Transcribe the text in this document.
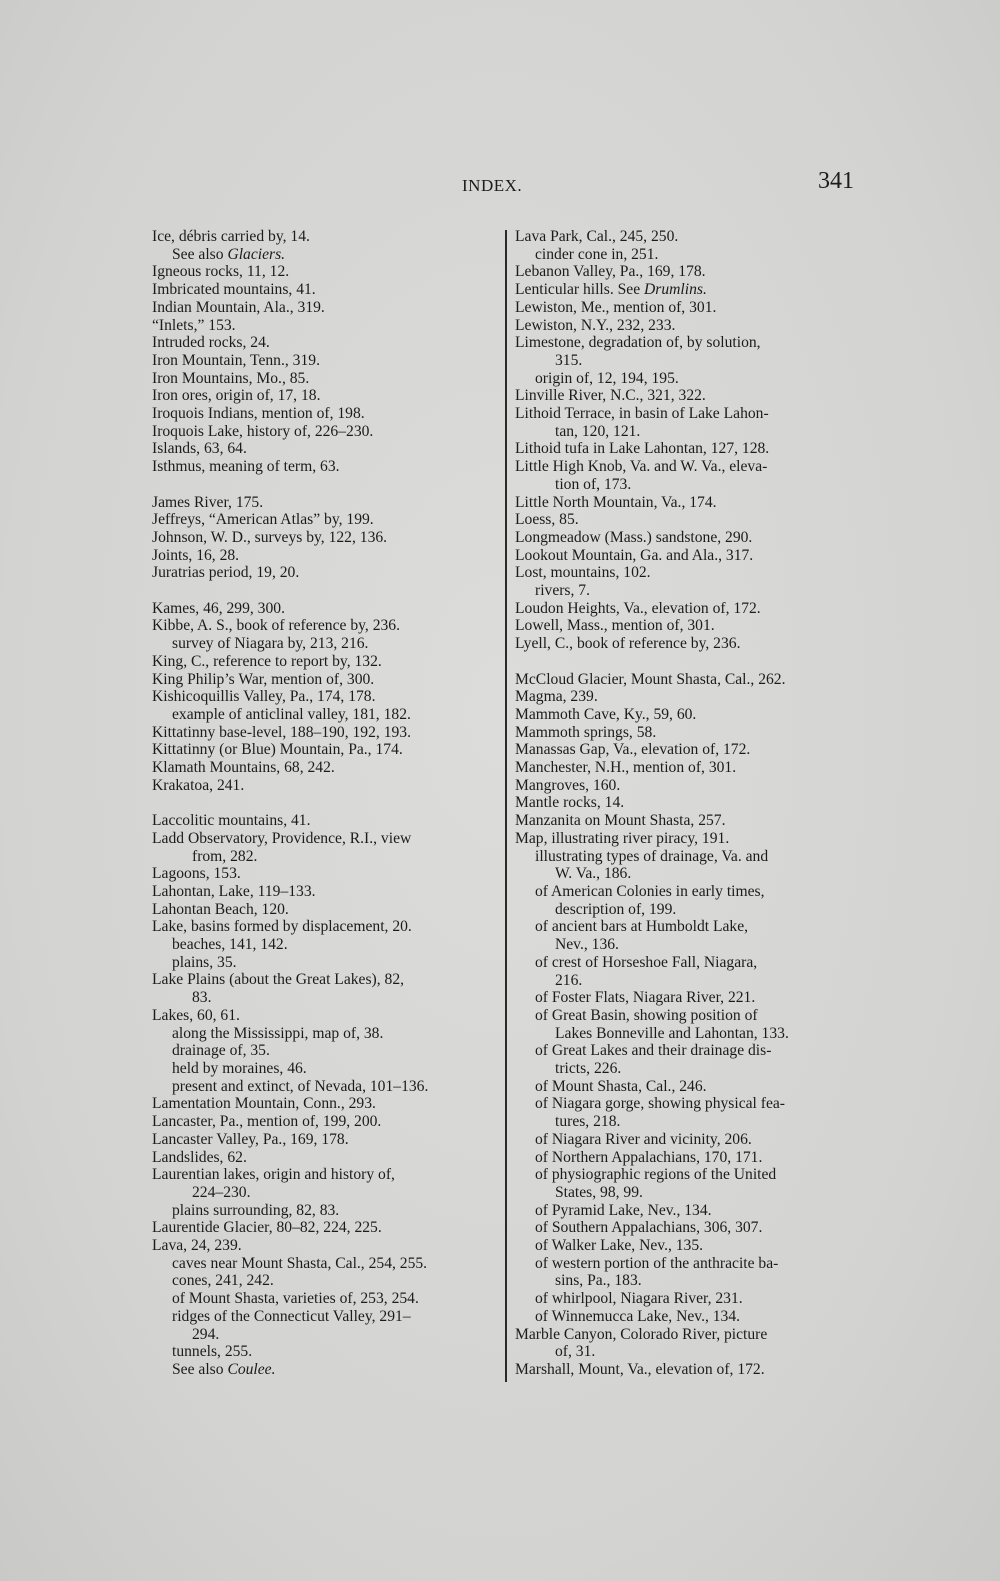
INDEX.	341
Ice, débris carried by, 14.
See also Glaciers.
Igneous rocks, 11, 12.
Imbricated mountains, 41.
Indian Mountain, Ala., 319.
“Inlets,” 153.
Intruded rocks, 24.
Iron Mountain, Tenn., 319.
Iron Mountains, Mo., 85.
Iron ores, origin of, 17, 18.
Iroquois Indians, mention of, 198.
Iroquois Lake, history of, 226–230.
Islands, 63, 64.
Isthmus, meaning of term, 63.
James River, 175.
Jeffreys, “American Atlas” by, 199.
Johnson, W. D., surveys by, 122, 136.
Joints, 16, 28.
Juratrias period, 19, 20.
Kames, 46, 299, 300.
Kibbe, A. S., book of reference by, 236.
survey of Niagara by, 213, 216.
King, C., reference to report by, 132.
King Philip’s War, mention of, 300.
Kishicoquillis Valley, Pa., 174, 178.
example of anticlinal valley, 181, 182.
Kittatinny base-level, 188–190, 192, 193.
Kittatinny (or Blue) Mountain, Pa., 174.
Klamath Mountains, 68, 242.
Krakatoa, 241.
Laccolitic mountains, 41.
Ladd Observatory, Providence, R.I., view
from, 282.
Lagoons, 153.
Lahontan, Lake, 119–133.
Lahontan Beach, 120.
Lake, basins formed by displacement, 20.
beaches, 141, 142.
plains, 35.
Lake Plains (about the Great Lakes), 82,
83.
Lakes, 60, 61.
along the Mississippi, map of, 38.
drainage of, 35.
held by moraines, 46.
present and extinct, of Nevada, 101–136.
Lamentation Mountain, Conn., 293.
Lancaster, Pa., mention of, 199, 200.
Lancaster Valley, Pa., 169, 178.
Landslides, 62.
Laurentian lakes, origin and history of,
224–230.
plains surrounding, 82, 83.
Laurentide Glacier, 80–82, 224, 225.
Lava, 24, 239.
caves near Mount Shasta, Cal., 254, 255.
cones, 241, 242.
of Mount Shasta, varieties of, 253, 254.
ridges of the Connecticut Valley, 291–
294.
tunnels, 255.
See also Coulee.
Lava Park, Cal., 245, 250.
cinder cone in, 251.
Lebanon Valley, Pa., 169, 178.
Lenticular hills. See Drumlins.
Lewiston, Me., mention of, 301.
Lewiston, N.Y., 232, 233.
Limestone, degradation of, by solution,
315.
origin of, 12, 194, 195.
Linville River, N.C., 321, 322.
Lithoid Terrace, in basin of Lake Lahon-
tan, 120, 121.
Lithoid tufa in Lake Lahontan, 127, 128.
Little High Knob, Va. and W. Va., eleva-
tion of, 173.
Little North Mountain, Va., 174.
Loess, 85.
Longmeadow (Mass.) sandstone, 290.
Lookout Mountain, Ga. and Ala., 317.
Lost, mountains, 102.
rivers, 7.
Loudon Heights, Va., elevation of, 172.
Lowell, Mass., mention of, 301.
Lyell, C., book of reference by, 236.
McCloud Glacier, Mount Shasta, Cal., 262.
Magma, 239.
Mammoth Cave, Ky., 59, 60.
Mammoth springs, 58.
Manassas Gap, Va., elevation of, 172.
Manchester, N.H., mention of, 301.
Mangroves, 160.
Mantle rocks, 14.
Manzanita on Mount Shasta, 257.
Map, illustrating river piracy, 191.
illustrating types of drainage, Va. and
W. Va., 186.
of American Colonies in early times,
description of, 199.
of ancient bars at Humboldt Lake,
Nev., 136.
of crest of Horseshoe Fall, Niagara,
216.
of Foster Flats, Niagara River, 221.
of Great Basin, showing position of
Lakes Bonneville and Lahontan, 133.
of Great Lakes and their drainage dis-
tricts, 226.
of Mount Shasta, Cal., 246.
of Niagara gorge, showing physical fea-
tures, 218.
of Niagara River and vicinity, 206.
of Northern Appalachians, 170, 171.
of physiographic regions of the United
States, 98, 99.
of Pyramid Lake, Nev., 134.
of Southern Appalachians, 306, 307.
of Walker Lake, Nev., 135.
of western portion of the anthracite ba-
sins, Pa., 183.
of whirlpool, Niagara River, 231.
of Winnemucca Lake, Nev., 134.
Marble Canyon, Colorado River, picture
of, 31.
Marshall, Mount, Va., elevation of, 172.
